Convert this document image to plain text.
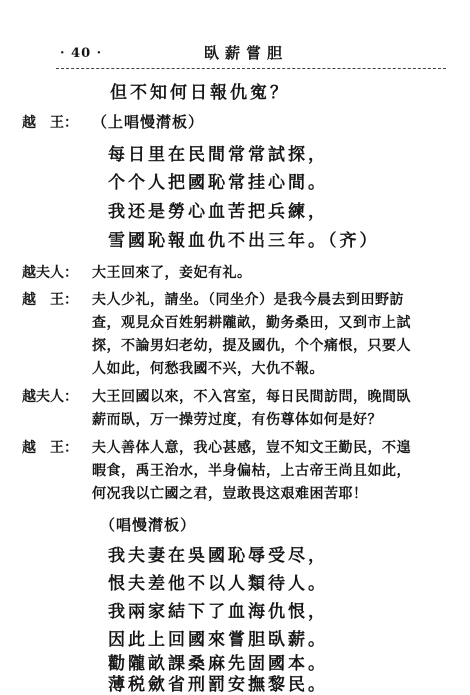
· 40 ·	臥薪嘗胆
但不知何日報仇寃？
越　王： （上唱慢潸板）
每日里在民間常常試探，
个个人把國恥常挂心間。
我还是勞心血苦把兵練，
雪國恥報血仇不出三年。（齐）
越夫人： 大王回來了，妾妃有礼。
越　王： 夫人少礼，請坐。（同坐介）是我今晨去到田野訪
查，观見众百姓躬耕隴畝，勤务桑田，又到市上試
探，不論男妇老幼，提及國仇，个个痛恨，只要人
人如此，何愁我國不兴，大仇不報。
越夫人： 大王回國以來，不入宮室，每日民間訪問，晚間臥
薪而臥，万一操劳过度，有伤尊体如何是好？
越　王： 夫人善体人意，我心甚感，豈不知文王勤民，不遑
暇食，禹王治水，半身偏枯，上古帝王尚且如此，
何况我以亡國之君，豈敢畏这艰难困苦耶！
（唱慢潸板）
我夫妻在吳國恥辱受尽，
恨夫差他不以人類待人。
我兩家結下了血海仇恨，
因此上回國來嘗胆臥薪。
勸隴畝課桑麻先固國本。
薄税歛省刑罰安撫黎民。
